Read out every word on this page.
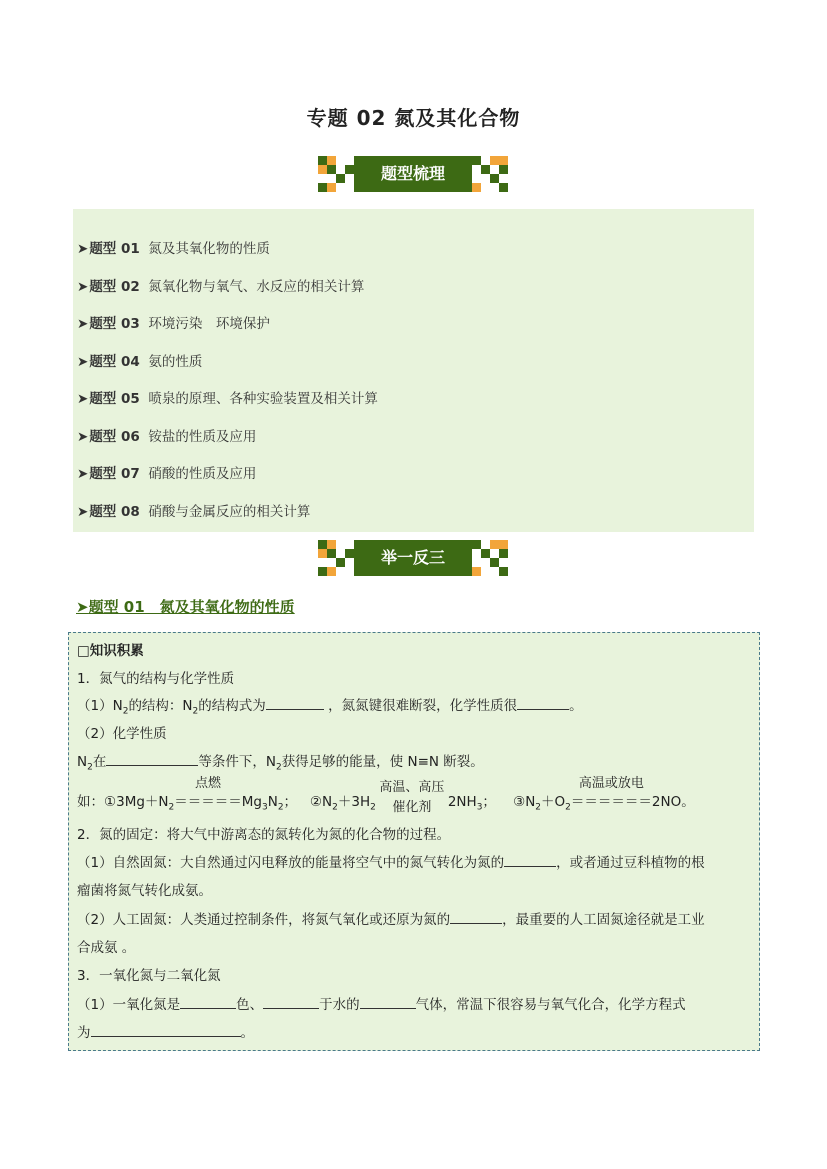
专题 02 氮及其化合物
题型梳理
➤题型 01 氮及其氧化物的性质
➤题型 02 氮氧化物与氧气、水反应的相关计算
➤题型 03 环境污染　环境保护
➤题型 04 氨的性质
➤题型 05 喷泉的原理、各种实验装置及相关计算
➤题型 06 铵盐的性质及应用
➤题型 07 硝酸的性质及应用
➤题型 08 硝酸与金属反应的相关计算
举一反三
➤题型 01　氮及其氧化物的性质
□知识积累
1．氮气的结构与化学性质
$(1)N_2$的结构：$N_2$的结构式为	，氮氮键很难断裂，化学性质很	。
（2）化学性质
$N_2$在	等条件下，$N_2$获得足够的能量，使 N≡N 断裂。
如：$①3Mg+N_2$
点燃
$=====Mg_3N_2$； $②N_2+3H_2$
高温、高压
催化剂	$2NH_3$； $③N_2+O_2$
高温或放电
＝＝＝＝＝＝2NO。
2．氮的固定：将大气中游离态的氮转化为氮的化合物的过程。
（1）自然固氮：大自然通过闪电释放的能量将空气中的氮气转化为氮的	，或者通过豆科植物的根
瘤菌将氮气转化成氨。
（2）人工固氮：人类通过控制条件，将氮气氧化或还原为氮的	，最重要的人工固氮途径就是工业
合成氨 。
3．一氧化氮与二氧化氮
（1）一氧化氮是	色、	于水的	气体，常温下很容易与氧气化合，化学方程式
为	。
